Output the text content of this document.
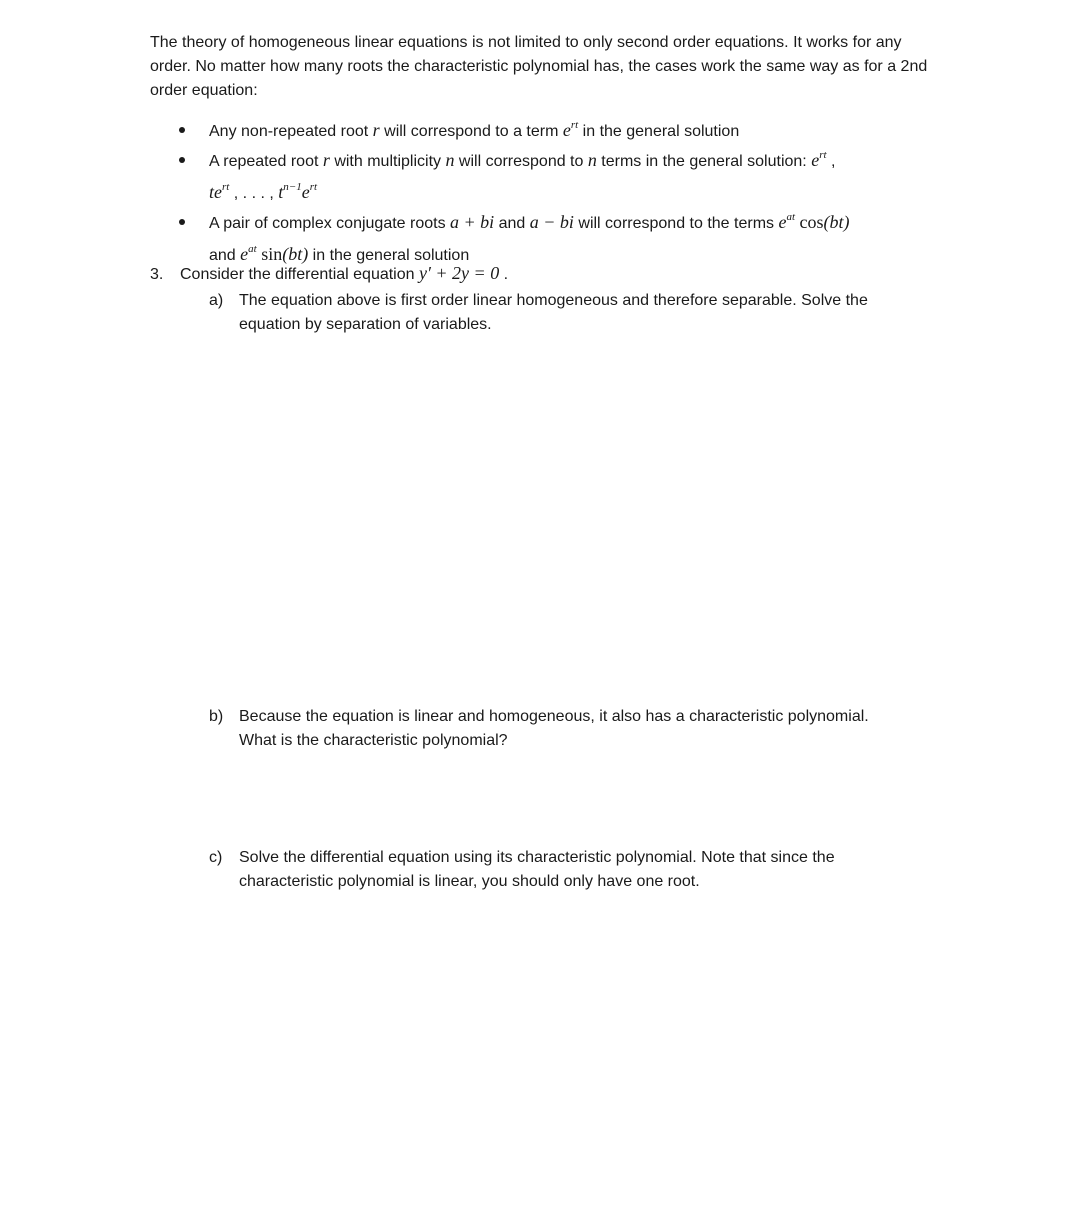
The theory of homogeneous linear equations is not limited to only second order equations. It works for any order. No matter how many roots the characteristic polynomial has, the cases work the same way as for a 2nd order equation:

Any non-repeated root r will correspond to a term $e^{rt}$ in the general solution
A repeated root r with multiplicity n will correspond to n terms in the general solution: $e^{rt}$ ,
$te^{rt}$ , . . . , $t^{n-1}e^{rt}$
A pair of complex conjugate roots a + bi and a − bi will correspond to the terms $e^{at}$ cos(bt)
and $e^{at}$ sin(bt) in the general solution
3. Consider the differential equation y′ + 2y = 0 .
a) The equation above is first order linear homogeneous and therefore separable. Solve the equation by separation of variables.
b) Because the equation is linear and homogeneous, it also has a characteristic polynomial. What is the characteristic polynomial?
c)	Solve the differential equation using its characteristic polynomial. Note that since the characteristic polynomial is linear, you should only have one root.
